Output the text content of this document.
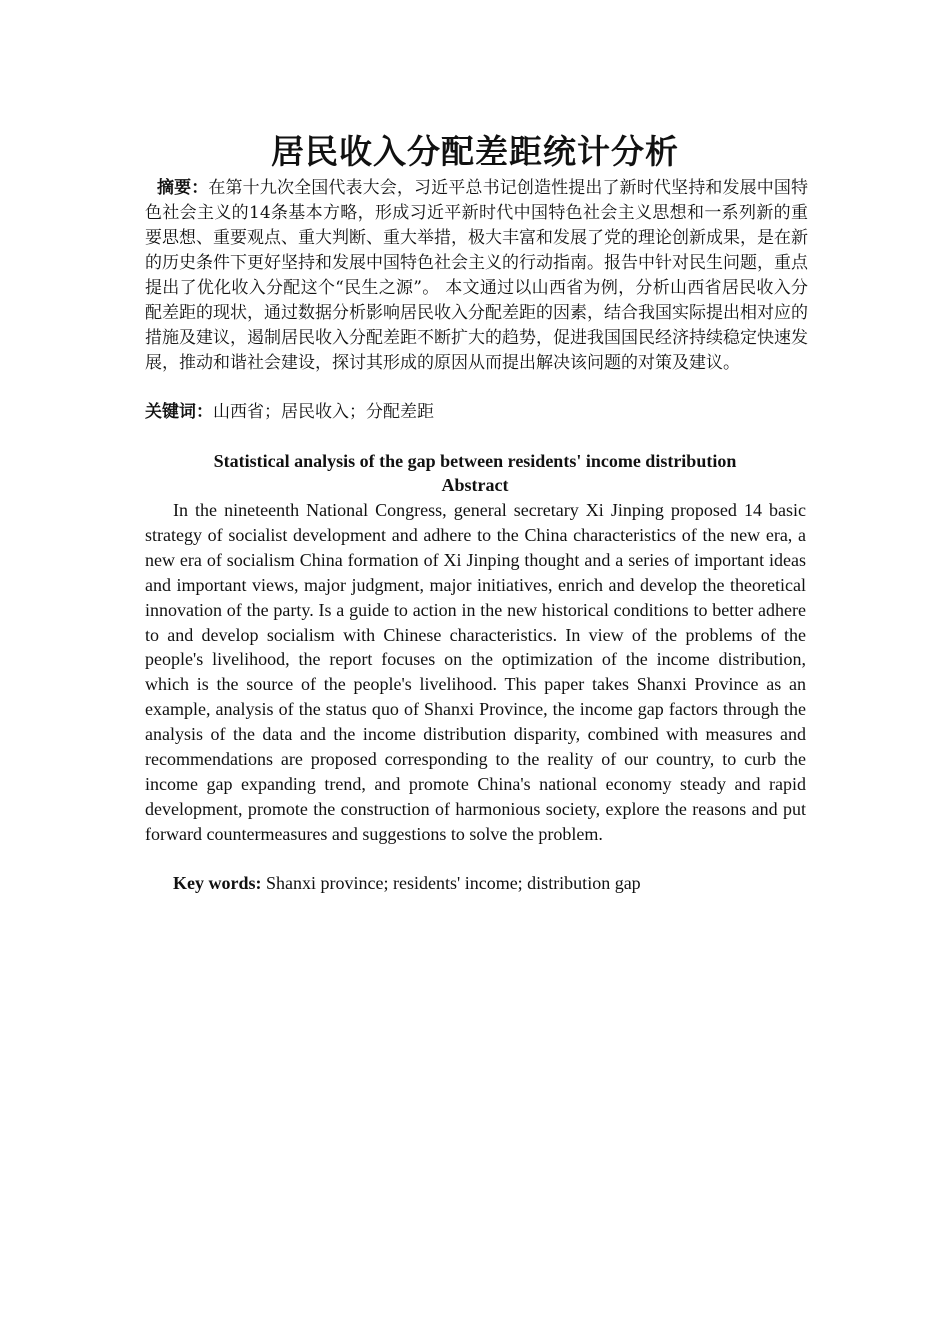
居民收入分配差距统计分析

摘要：在第十九次全国代表大会，习近平总书记创造性提出了新时代坚持和发展中国特色社会主义的14条基本方略，形成习近平新时代中国特色社会主义思想和一系列新的重要思想、重要观点、重大判断、重大举措，极大丰富和发展了党的理论创新成果，是在新的历史条件下更好坚持和发展中国特色社会主义的行动指南。报告中针对民生问题，重点提出了优化收入分配这个“民生之源”。 本文通过以山西省为例，分析山西省居民收入分配差距的现状，通过数据分析影响居民收入分配差距的因素，结合我国实际提出相对应的措施及建议，遏制居民收入分配差距不断扩大的趋势，促进我国国民经济持续稳定快速发展，推动和谐社会建设，探讨其形成的原因从而提出解决该问题的对策及建议。

关键词：山西省；居民收入；分配差距

Statistical analysis of the gap between residents' income distribution
Abstract

In the nineteenth National Congress, general secretary Xi Jinping proposed 14 basic strategy of socialist development and adhere to the China characteristics of the new era, a new era of socialism China formation of Xi Jinping thought and a series of important ideas and important views, major judgment, major initiatives, enrich and develop the theoretical innovation of the party. Is a guide to action in the new historical conditions to better adhere to and develop socialism with Chinese characteristics. In view of the problems of the people's livelihood, the report focuses on the optimization of the income distribution, which is the source of the people's livelihood. This paper takes Shanxi Province as an example, analysis of the status quo of Shanxi Province, the income gap factors through the analysis of the data and the income distribution disparity, combined with measures and recommendations are proposed corresponding to the reality of our country, to curb the income gap expanding trend, and promote China's national economy steady and rapid development, promote the construction of harmonious society, explore the reasons and put forward countermeasures and suggestions to solve the problem.

Key words: Shanxi province; residents' income; distribution gap
